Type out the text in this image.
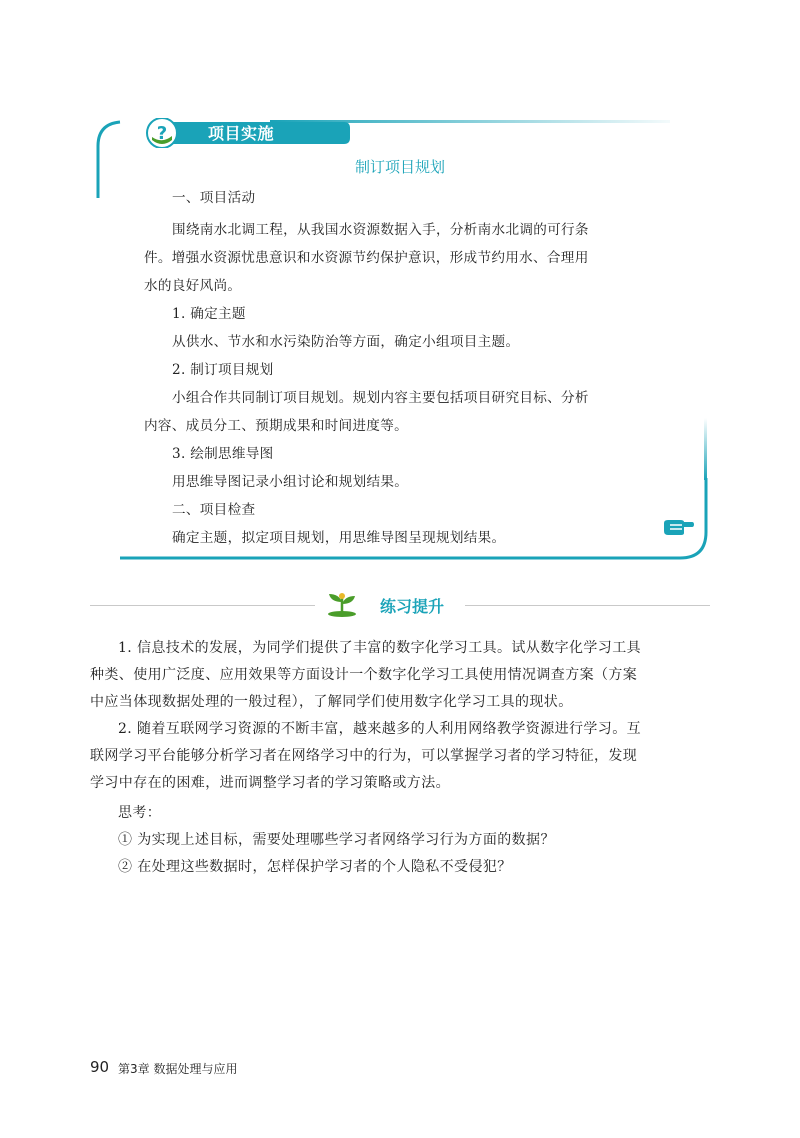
?	项目实施
制订项目规划
一、项目活动
围绕南水北调工程，从我国水资源数据入手，分析南水北调的可行条
件。增强水资源忧患意识和水资源节约保护意识，形成节约用水、合理用
水的良好风尚。
1. 确定主题
从供水、节水和水污染防治等方面，确定小组项目主题。
2. 制订项目规划
小组合作共同制订项目规划。规划内容主要包括项目研究目标、分析
内容、成员分工、预期成果和时间进度等。
3. 绘制思维导图
用思维导图记录小组讨论和规划结果。
二、项目检查
确定主题，拟定项目规划，用思维导图呈现规划结果。
练习提升
1. 信息技术的发展，为同学们提供了丰富的数字化学习工具。试从数字化学习工具
种类、使用广泛度、应用效果等方面设计一个数字化学习工具使用情况调查方案（方案
中应当体现数据处理的一般过程），了解同学们使用数字化学习工具的现状。
2. 随着互联网学习资源的不断丰富，越来越多的人利用网络教学资源进行学习。互
联网学习平台能够分析学习者在网络学习中的行为，可以掌握学习者的学习特征，发现
学习中存在的困难，进而调整学习者的学习策略或方法。
思考：
① 为实现上述目标，需要处理哪些学习者网络学习行为方面的数据？
② 在处理这些数据时，怎样保护学习者的个人隐私不受侵犯？
90 第3章 数据处理与应用
